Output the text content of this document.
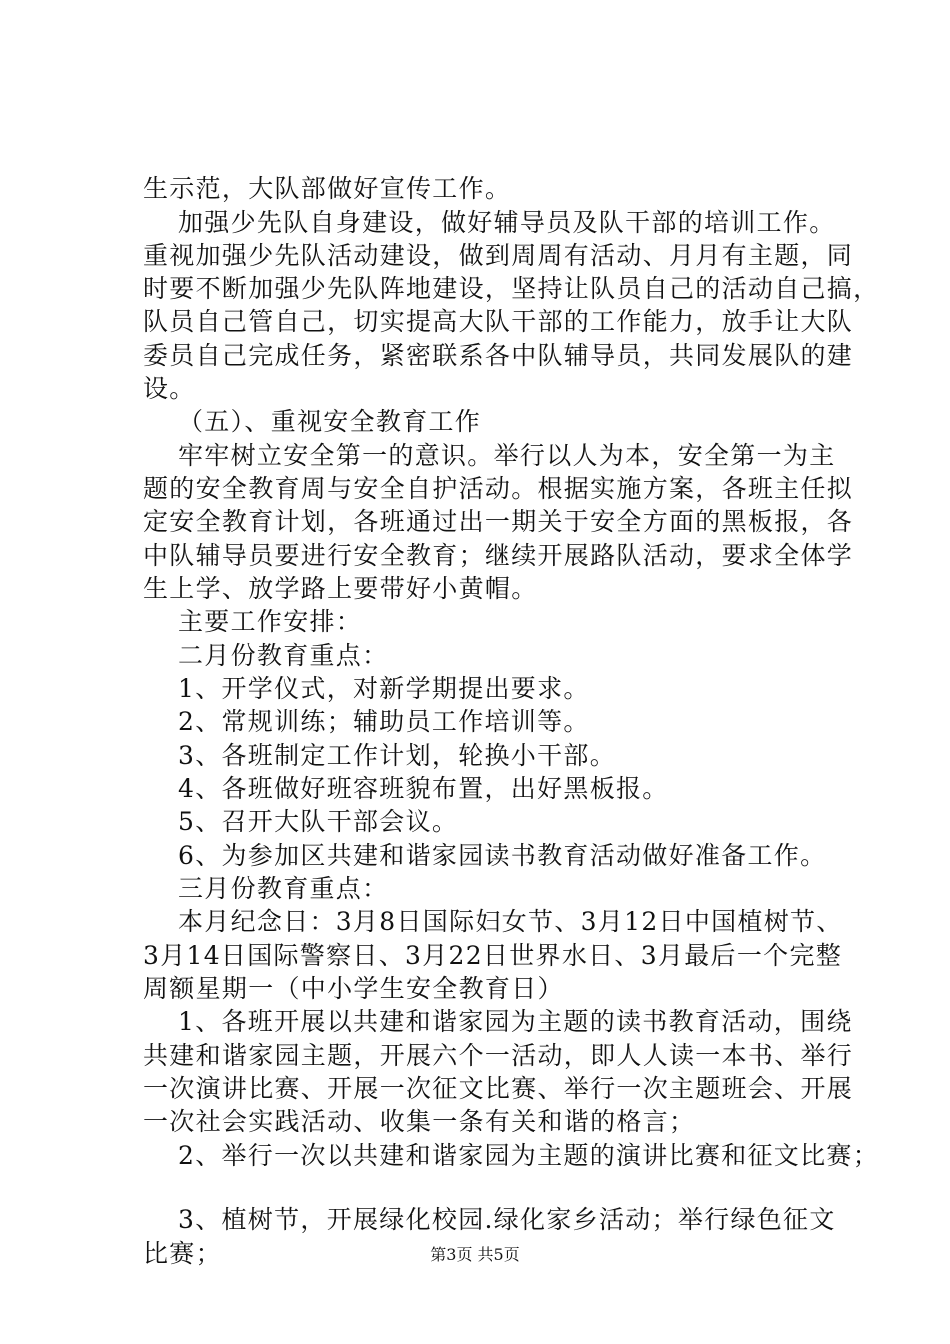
生示范，大队部做好宣传工作。
加强少先队自身建设，做好辅导员及队干部的培训工作。
重视加强少先队活动建设，做到周周有活动、月月有主题，同
时要不断加强少先队阵地建设，坚持让队员自己的活动自己搞，
队员自己管自己，切实提高大队干部的工作能力，放手让大队
委员自己完成任务，紧密联系各中队辅导员，共同发展队的建
设。
（五）、重视安全教育工作
牢牢树立安全第一的意识。举行以人为本，安全第一为主
题的安全教育周与安全自护活动。根据实施方案，各班主任拟
定安全教育计划，各班通过出一期关于安全方面的黑板报，各
中队辅导员要进行安全教育；继续开展路队活动，要求全体学
生上学、放学路上要带好小黄帽。
主要工作安排：
二月份教育重点：
1、开学仪式，对新学期提出要求。
2、常规训练；辅助员工作培训等。
3、各班制定工作计划，轮换小干部。
4、各班做好班容班貌布置，出好黑板报。
5、召开大队干部会议。
6、为参加区共建和谐家园读书教育活动做好准备工作。
三月份教育重点：
本月纪念日：3月8日国际妇女节、3月12日中国植树节、
3月14日国际警察日、3月22日世界水日、3月最后一个完整
周额星期一（中小学生安全教育日）
1、各班开展以共建和谐家园为主题的读书教育活动，围绕
共建和谐家园主题，开展六个一活动，即人人读一本书、举行
一次演讲比赛、开展一次征文比赛、举行一次主题班会、开展
一次社会实践活动、收集一条有关和谐的格言；
2、举行一次以共建和谐家园为主题的演讲比赛和征文比赛；
3、植树节，开展绿化校园.绿化家乡活动；举行绿色征文
比赛；	第3页 共5页
